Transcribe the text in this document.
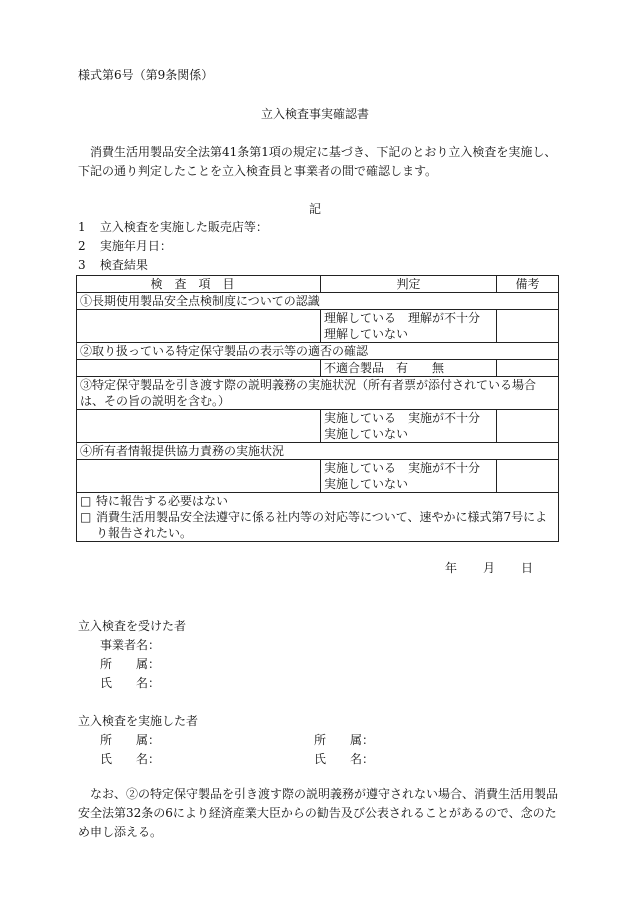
様式第6号（第9条関係）
立入検査事実確認書
消費生活用製品安全法第41条第1項の規定に基づき、下記のとおり立入検査を実施し、下記の通り判定したことを立入検査員と事業者の間で確認します。
記
1 立入検査を実施した販売店等：
2 実施年月日：
3 検査結果
検査項目	判定	備考
①長期使用製品安全点検制度についての認識		

	理解している　理解が不十分
理解していない	

②取り扱っている特定保守製品の表示等の適否の確認		

	不適合製品　有　　無	

③特定保守製品を引き渡す際の説明義務の実施状況（所有者票が添付されている場合は、その旨の説明を含む。）		

	実施している　実施が不十分
実施していない	

④所有者情報提供協力責務の実施状況		

	実施している　実施が不十分
実施していない	

□ 特に報告する必要はない
□ 消費生活用製品安全法遵守に係る社内等の対応等について、速やかに様式第7号により報告されたい。		
年 月 日
立入検査を受けた者
事業者名：
所　　属：
氏　　名：
立入検査を実施した者
所　　属：
氏　　名：
所　　属：
氏　　名：
なお、②の特定保守製品を引き渡す際の説明義務が遵守されない場合、消費生活用製品安全法第32条の6により経済産業大臣からの勧告及び公表されることがあるので、念のため申し添える。
